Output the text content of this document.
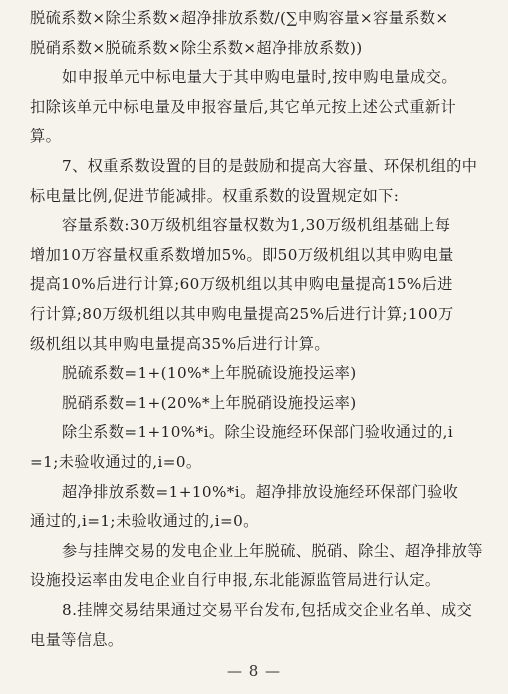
脱硫系数×除尘系数×超净排放系数/(∑申购容量×容量系数×
脱硝系数×脱硫系数×除尘系数×超净排放系数))
如申报单元中标电量大于其申购电量时,按申购电量成交。
扣除该单元中标电量及申报容量后,其它单元按上述公式重新计
算。
7、权重系数设置的目的是鼓励和提高大容量、环保机组的中
标电量比例,促进节能减排。权重系数的设置规定如下:
容量系数:30万级机组容量权数为1,30万级机组基础上每
增加10万容量权重系数增加5%。即50万级机组以其申购电量
提高10%后进行计算;60万级机组以其申购电量提高15%后进
行计算;80万级机组以其申购电量提高25%后进行计算;100万
级机组以其申购电量提高35%后进行计算。
脱硫系数=1+(10%*上年脱硫设施投运率)
脱硝系数=1+(20%*上年脱硝设施投运率)
除尘系数=1+10%*i。除尘设施经环保部门验收通过的,i
=1;未验收通过的,i=0。
超净排放系数=1+10%*i。超净排放设施经环保部门验收
通过的,i=1;未验收通过的,i=0。
参与挂牌交易的发电企业上年脱硫、脱硝、除尘、超净排放等
设施投运率由发电企业自行申报,东北能源监管局进行认定。
— 8 —
8.挂牌交易结果通过交易平台发布,包括成交企业名单、成交
电量等信息。
